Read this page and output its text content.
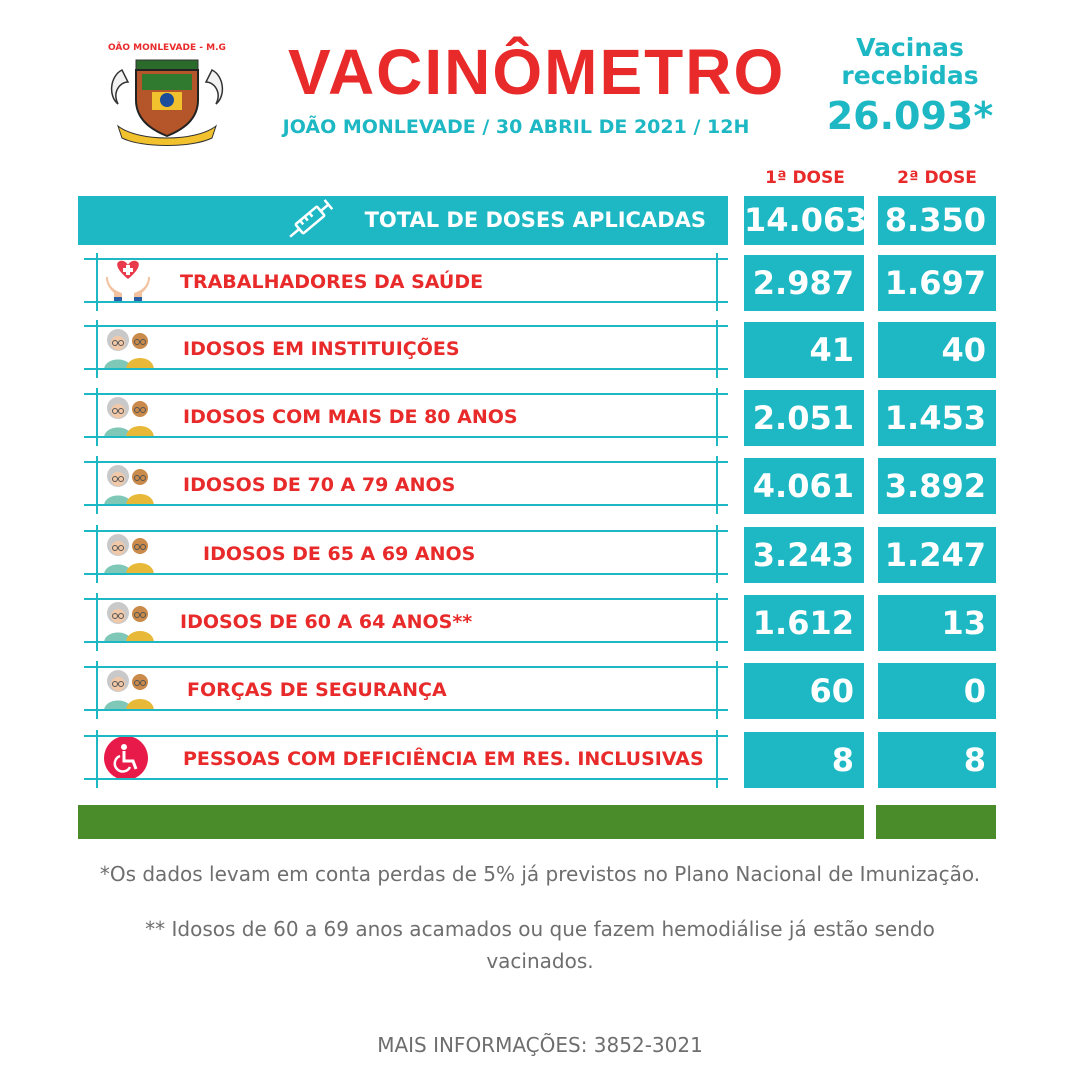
JOÃO MONLEVADE - M.G. VACINÔMETRO
JOÃO MONLEVADE / 30 ABRIL DE 2021 / 12H
Vacinas
recebidas
26.093*
1ª DOSE	2ª DOSE
TOTAL DE DOSES APLICADAS 14.063 8.350
TRABALHADORES DA SAÚDE	2.987 1.697
IDOSOS EM INSTITUIÇÕES	41	40
IDOSOS COM MAIS DE 80 ANOS	2.051 1.453
IDOSOS DE 70 A 79 ANOS	4.061 3.892
IDOSOS DE 65 A 69 ANOS	3.243 1.247
IDOSOS DE 60 A 64 ANOS**	1.612	13
FORÇAS DE SEGURANÇA	60	0
PESSOAS COM DEFICIÊNCIA EM RES. INCLUSIVAS	8	8
*Os dados levam em conta perdas de 5% já previstos no Plano Nacional de Imunização.
** Idosos de 60 a 69 anos acamados ou que fazem hemodiálise já estão sendo
vacinados.
MAIS INFORMAÇÕES: 3852-3021
